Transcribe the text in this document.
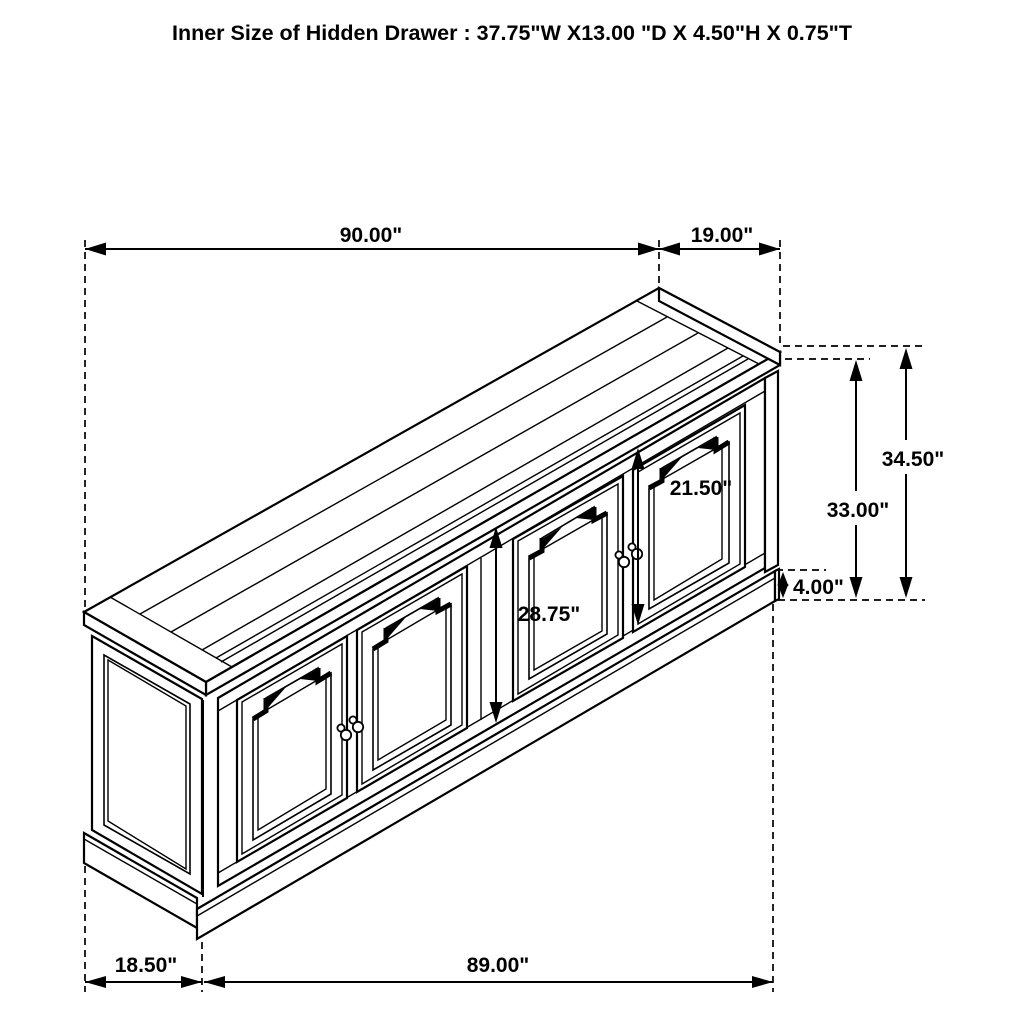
90.00"	19.00"
34.50"
33.00"
4.00"
21.50"
28.75"
18.50"	89.00"
Inner Size of Hidden Drawer : 37.75"W X13.00 "D X 4.50"H X 0.75"T
